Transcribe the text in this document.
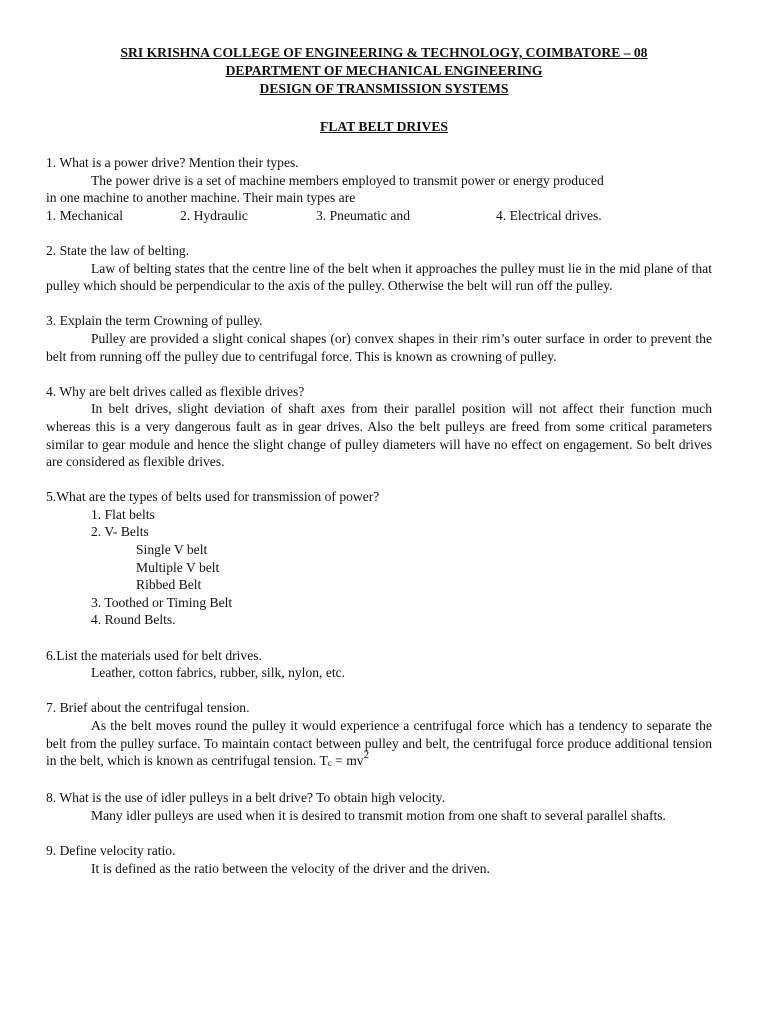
SRI KRISHNA COLLEGE OF ENGINEERING & TECHNOLOGY, COIMBATORE – 08
DEPARTMENT OF MECHANICAL ENGINEERING
DESIGN OF TRANSMISSION SYSTEMS
FLAT BELT DRIVES

1. What is a power drive? Mention their types.

The power drive is a set of machine members employed to transmit power or energy produced

in one machine to another machine. Their main types are

1. Mechanical	2. Hydraulic	3. Pneumatic and	4. Electrical drives.

2. State the law of belting.

Law of belting states that the centre line of the belt when it approaches the pulley must lie in the mid plane of that pulley which should be perpendicular to the axis of the pulley. Otherwise the belt will run off the pulley.

3. Explain the term Crowning of pulley.

Pulley are provided a slight conical shapes (or) convex shapes in their rim’s outer surface in order to prevent the belt from running off the pulley due to centrifugal force. This is known as crowning of pulley.

4. Why are belt drives called as flexible drives?

In belt drives, slight deviation of shaft axes from their parallel position will not affect their function much whereas this is a very dangerous fault as in gear drives. Also the belt pulleys are freed from some critical parameters similar to gear module and hence the slight change of pulley diameters will have no effect on engagement. So belt drives are considered as flexible drives.

5.What are the types of belts used for transmission of power?

1. Flat belts

2. V- Belts

Single V belt

Multiple V belt

Ribbed Belt

3. Toothed or Timing Belt

4. Round Belts.

6.List the materials used for belt drives.

Leather, cotton fabrics, rubber, silk, nylon, etc.

7. Brief about the centrifugal tension.

As the belt moves round the pulley it would experience a centrifugal force which has a tendency to separate the belt from the pulley surface. To maintain contact between pulley and belt, the centrifugal force produce additional tension in the belt, which is known as centrifugal tension. $T_c = mv^2$

8. What is the use of idler pulleys in a belt drive? To obtain high velocity.

Many idler pulleys are used when it is desired to transmit motion from one shaft to several parallel shafts.

9. Define velocity ratio.

It is defined as the ratio between the velocity of the driver and the driven.
